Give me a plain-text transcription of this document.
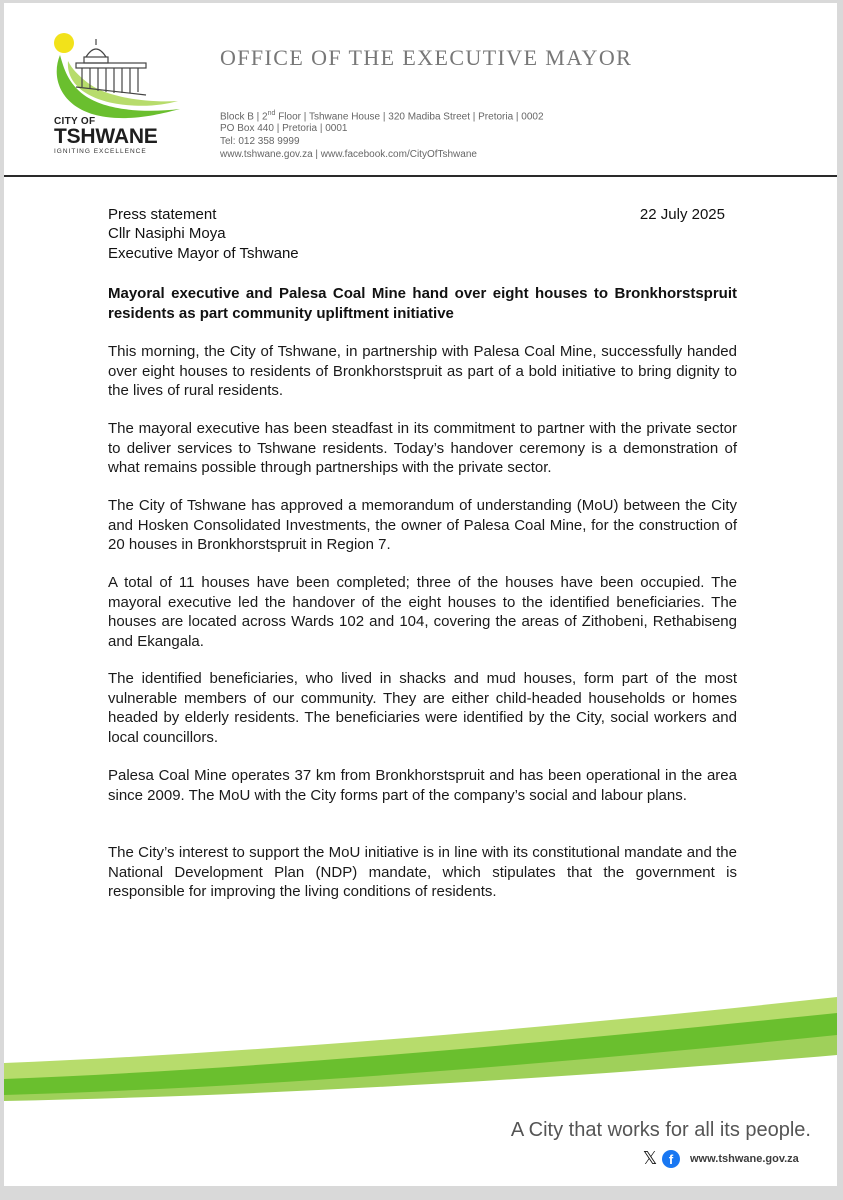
CITY OF
TSHWANE
IGNITING EXCELLENCE
OFFICE OF THE EXECUTIVE MAYOR
Block B | 2nd Floor | Tshwane House | 320 Madiba Street | Pretoria | 0002
PO Box 440 | Pretoria | 0001
Tel: 012 358 9999
www.tshwane.gov.za | www.facebook.com/CityOfTshwane
Press statement	22 July 2025
Cllr Nasiphi Moya
Executive Mayor of Tshwane
Mayoral executive and Palesa Coal Mine hand over eight houses to Bronkhorstspruit residents as part community upliftment initiative

This morning, the City of Tshwane, in partnership with Palesa Coal Mine, successfully handed over eight houses to residents of Bronkhorstspruit as part of a bold initiative to bring dignity to the lives of rural residents.

The mayoral executive has been steadfast in its commitment to partner with the private sector to deliver services to Tshwane residents. Today’s handover ceremony is a demonstration of what remains possible through partnerships with the private sector.

The City of Tshwane has approved a memorandum of understanding (MoU) between the City and Hosken Consolidated Investments, the owner of Palesa Coal Mine, for the construction of 20 houses in Bronkhorstspruit in Region 7.

A total of 11 houses have been completed; three of the houses have been occupied. The mayoral executive led the handover of the eight houses to the identified beneficiaries. The houses are located across Wards 102 and 104, covering the areas of Zithobeni, Rethabiseng and Ekangala.

The identified beneficiaries, who lived in shacks and mud houses, form part of the most vulnerable members of our community. They are either child-headed households or homes headed by elderly residents. The beneficiaries were identified by the City, social workers and local councillors.

Palesa Coal Mine operates 37 km from Bronkhorstspruit and has been operational in the area since 2009. The MoU with the City forms part of the company’s social and labour plans.

The City’s interest to support the MoU initiative is in line with its constitutional mandate and the National Development Plan (NDP) mandate, which stipulates that the government is responsible for improving the living conditions of residents.

A City that works for all its people.
𝕏 f	www.tshwane.gov.za
